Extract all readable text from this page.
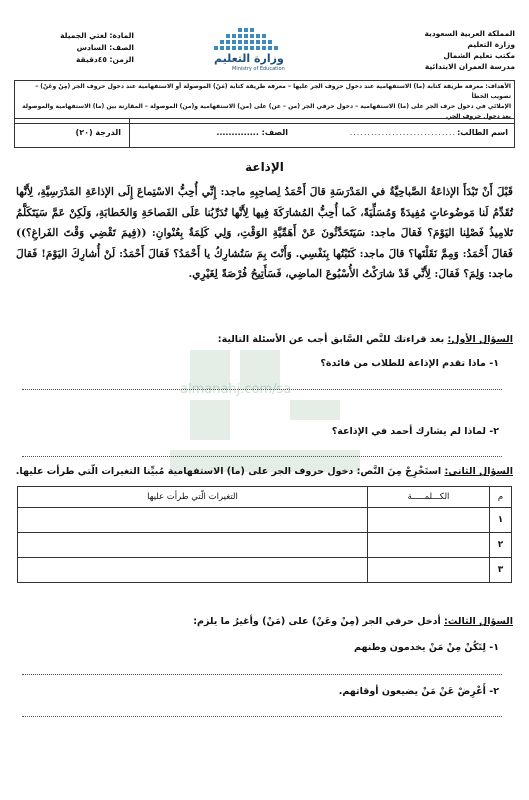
المملكة العربية السعودية
وزارة التعليم
مكتب تعليم الشمال
مدرسة العمران الابتدائية
وزارة التعليم
Ministry of Education
المادة: لغتي الجميلة
الصف: السادس
الزمن: ٤٥دقيقة
الأهداف: معرفة طريقة كتابة (ما) الاستفهامية عند دخول حروف الجر عليها – معرفة طريقة كتابة (مَنْ) الموصولة أو الاستفهامية عند دخول حروف الجر (مِنْ وعَنْ) – تصويب الخطأ
الإملائي في دخول حرف الجر على (ما) الاستفهامية – دخول حرفي الجر (من – عن) على (من) الاستفهامية و(من) الموصولة – المقارنة بين (ما) الاستفهامية والموصولة بعد دخول حروف الجر.
اسم الطالب:
..............................
الصف: ..............
الدرجة (٢٠)
الإذاعة
قَبْلَ أَنْ تَبْدَأَ الإذاعَةُ الصَّباحِيَّةُ في المَدْرَسَةِ قالَ أَحْمَدُ لِصاحِبِهِ ماجد: إِنِّي أُحِبُّ الاسْتِماعَ إِلَى الإذاعَةِ المَدْرَسِيَّةِ، لِأَنَّها تُقَدِّمُ لَنا مَوضُوعاتٍ مُفِيدَةً وَمُسَلِّيَةً، كَما أُحِبُّ المُشارَكَةَ فِيها لِأَنَّها تُدَرِّبُنا عَلَى الفَصاحَةِ وَالخَطابَةِ، وَلَكِنْ عَمَّ سَيَتَكَلَّمُ تَلامِيذُ فَصْلِنا اليَوْمَ؟ فَقالَ ماجد: سَيَتَحَدَّثُونَ عَنْ أَهَمِّيَّةِ الوَقْتِ، وَلِي كَلِمَةٌ بِعُنْوانِ: ((فِيمَ تَقْضِي وَقْتَ الفَراغِ؟)) فَقالَ أَحْمَدُ: وَمِمَّ نَقَلْتَها؟ قالَ ماجد: كَتَبْتُها بِنَفْسِي. وَأَنْتَ بِمَ سَتُشارِكُ يا أَحْمَدُ؟ فَقالَ أَحْمَدُ: لَنْ أُشارِكَ اليَوْمَ! فَقالَ ماجد: وَلِمَ؟ فَقالَ: لِأَنِّي قَدْ شارَكْتُ الأُسْبُوعَ الماضِي، فَسَأَتِيحُ فُرْصَةً لِغَيْرِي.
almanahj.com/sa
السؤال الأول: بعد قراءتك للنَّص السَّابق أجب عن الأسئلة التالية:
١- ماذا تقدم الإذاعة للطلاب من فائدة؟
٢- لماذا لم يشارك أحمد في الإذاعة؟
السؤال الثاني: استَخْرِجْ مِنَ النَّص: دخول حروف الجر على (ما) الاستفهامية مُبيِّنا التغيرات الّتي طرأت عليها.
م	الكـــلمـــــة	التغيرات الّتي طرأت عليها
١		
٢		
٣		
السؤال الثالث: أدخل حرفي الجر (مِنْ وعَنْ) على (مَنْ) وأغيرُ ما يلزم:
١- لِتَكُنْ مِنْ مَنْ يخدمون وطنهم
٢- أَعْرِضْ عَنْ مَنْ يضيعون أوقاتهم.
